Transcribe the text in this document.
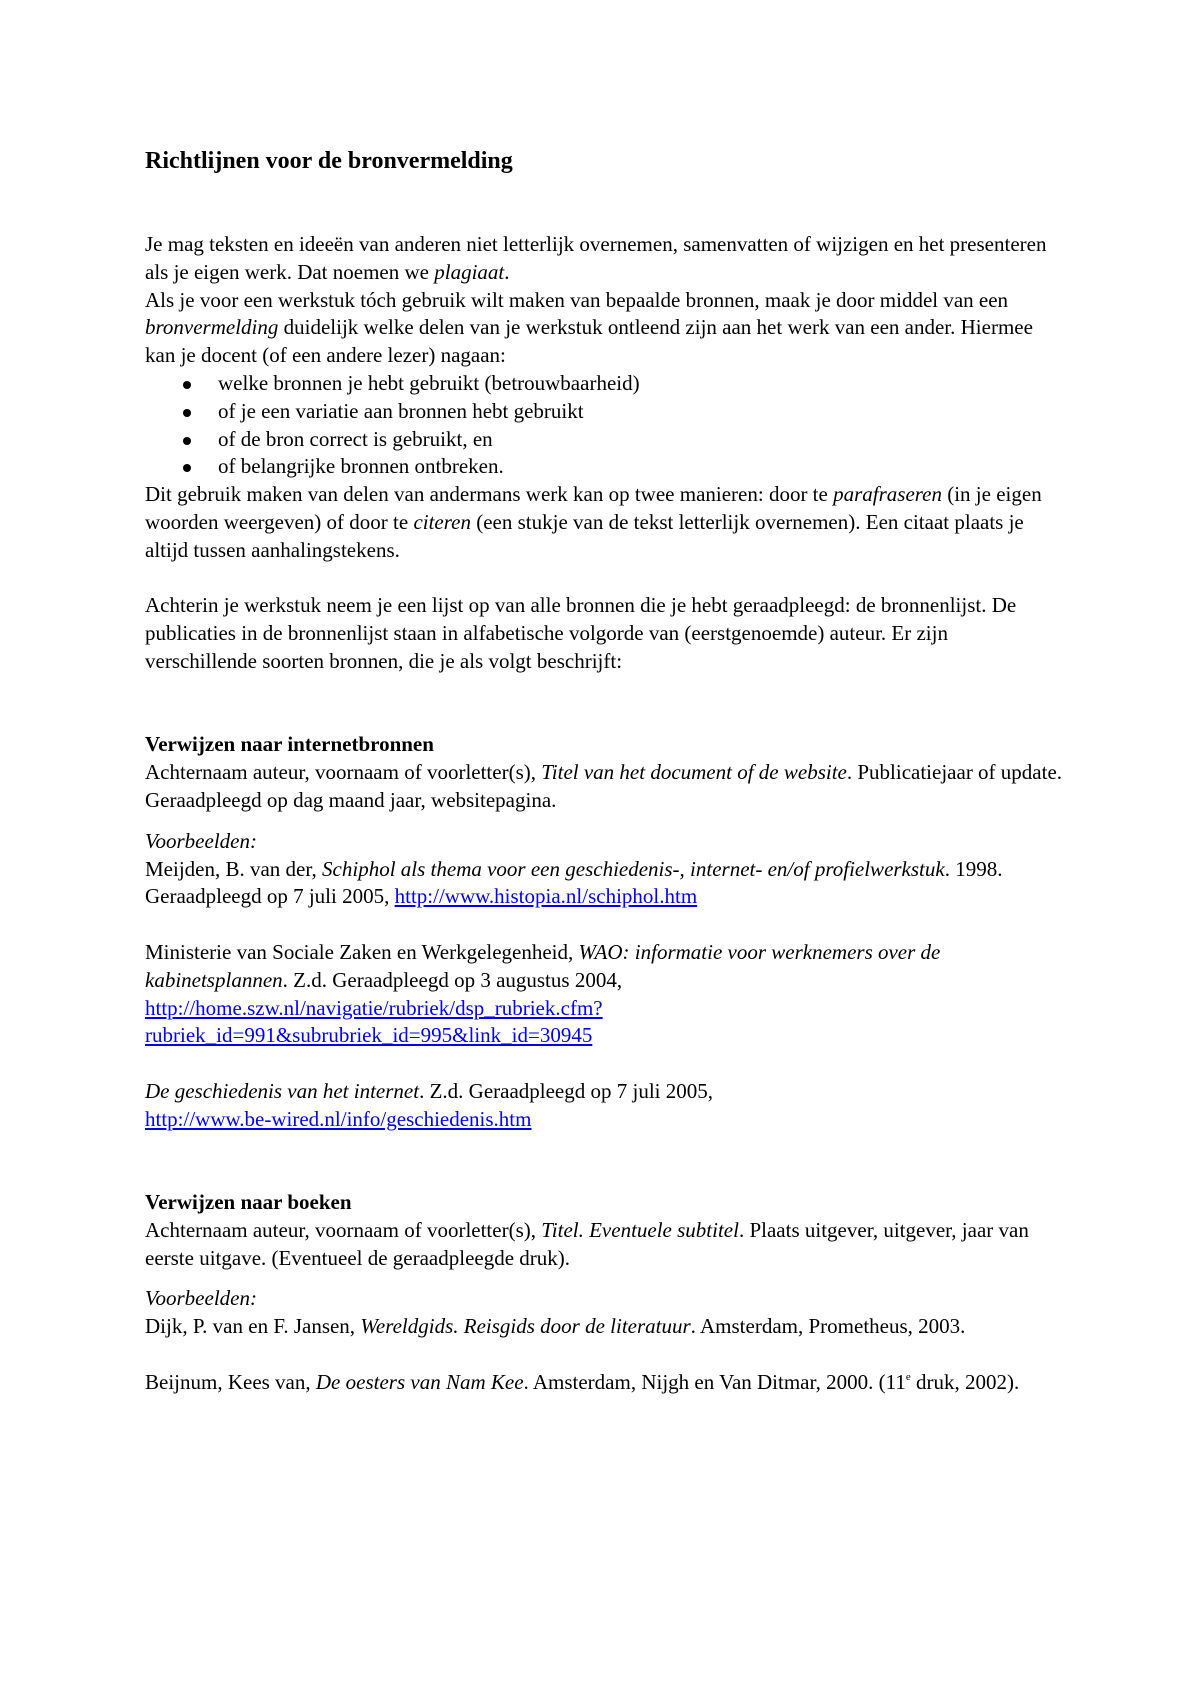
Richtlijnen voor de bronvermelding

Je mag teksten en ideeën van anderen niet letterlijk overnemen, samenvatten of wijzigen en het presenteren als je eigen werk. Dat noemen we plagiaat.

Als je voor een werkstuk tóch gebruik wilt maken van bepaalde bronnen, maak je door middel van een bronvermelding duidelijk welke delen van je werkstuk ontleend zijn aan het werk van een ander. Hiermee kan je docent (of een andere lezer) nagaan:

welke bronnen je hebt gebruikt (betrouwbaarheid)
of je een variatie aan bronnen hebt gebruikt
of de bron correct is gebruikt, en
of belangrijke bronnen ontbreken.

Dit gebruik maken van delen van andermans werk kan op twee manieren: door te parafraseren (in je eigen woorden weergeven) of door te citeren (een stukje van de tekst letterlijk overnemen). Een citaat plaats je altijd tussen aanhalingstekens.

Achterin je werkstuk neem je een lijst op van alle bronnen die je hebt geraadpleegd: de bronnenlijst. De publicaties in de bronnenlijst staan in alfabetische volgorde van (eerstgenoemde) auteur. Er zijn verschillende soorten bronnen, die je als volgt beschrijft:

Verwijzen naar internetbronnen

Achternaam auteur, voornaam of voorletter(s), Titel van het document of de website. Publicatiejaar of update. Geraadpleegd op dag maand jaar, websitepagina.

Voorbeelden:

Meijden, B. van der, Schiphol als thema voor een geschiedenis-, internet- en/of profielwerkstuk. 1998. Geraadpleegd op 7 juli 2005, http://www.histopia.nl/schiphol.htm

Ministerie van Sociale Zaken en Werkgelegenheid, WAO: informatie voor werknemers over de kabinetsplannen. Z.d. Geraadpleegd op 3 augustus 2004,
http://home.szw.nl/navigatie/rubriek/dsp_rubriek.cfm?
rubriek_id=991&subrubriek_id=995&link_id=30945

De geschiedenis van het internet. Z.d. Geraadpleegd op 7 juli 2005,
http://www.be-wired.nl/info/geschiedenis.htm

Verwijzen naar boeken

Achternaam auteur, voornaam of voorletter(s), Titel. Eventuele subtitel. Plaats uitgever, uitgever, jaar van eerste uitgave. (Eventueel de geraadpleegde druk).

Voorbeelden:

Dijk, P. van en F. Jansen, Wereldgids. Reisgids door de literatuur. Amsterdam, Prometheus, 2003.

Beijnum, Kees van, De oesters van Nam Kee. Amsterdam, Nijgh en Van Ditmar, 2000. (11e druk, 2002).
